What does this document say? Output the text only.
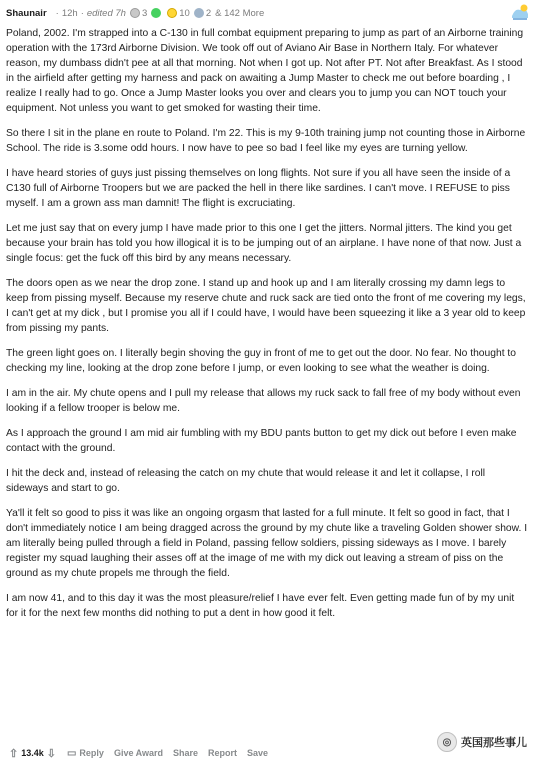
Shaunair · 12h · edited 7h 3	10 2 & 142 More

Poland, 2002. I'm strapped into a C-130 in full combat equipment preparing to jump as part of an Airborne training operation with the 173rd Airborne Division. We took off out of Aviano Air Base in Northern Italy. For whatever reason, my dumbass didn't pee at all that morning. Not when I got up. Not after PT. Not after Breakfast. As I stood in the airfield after getting my harness and pack on awaiting a Jump Master to check me out before boarding , I realize I really had to go. Once a Jump Master looks you over and clears you to jump you can NOT touch your equipment. Not unless you want to get smoked for wasting their time.

So there I sit in the plane en route to Poland. I'm 22. This is my 9-10th training jump not counting those in Airborne School. The ride is 3.some odd hours. I now have to pee so bad I feel like my eyes are turning yellow.

I have heard stories of guys just pissing themselves on long flights. Not sure if you all have seen the inside of a C130 full of Airborne Troopers but we are packed the hell in there like sardines. I can't move. I REFUSE to piss myself. I am a grown ass man damnit! The flight is excruciating.

Let me just say that on every jump I have made prior to this one I get the jitters. Normal jitters. The kind you get because your brain has told you how illogical it is to be jumping out of an airplane. I have none of that now. Just a single focus: get the fuck off this bird by any means necessary.

The doors open as we near the drop zone. I stand up and hook up and I am literally crossing my damn legs to keep from pissing myself. Because my reserve chute and ruck sack are tied onto the front of me covering my legs, I can't get at my dick , but I promise you all if I could have, I would have been squeezing it like a 3 year old to keep from pissing my pants.

The green light goes on. I literally begin shoving the guy in front of me to get out the door. No fear. No thought to checking my line, looking at the drop zone before I jump, or even looking to see what the weather is doing.

I am in the air. My chute opens and I pull my release that allows my ruck sack to fall free of my body without even looking if a fellow trooper is below me.

As I approach the ground I am mid air fumbling with my BDU pants button to get my dick out before I even make contact with the ground.

I hit the deck and, instead of releasing the catch on my chute that would release it and let it collapse, I roll sideways and start to go.

Ya'll it felt so good to piss it was like an ongoing orgasm that lasted for a full minute. It felt so good in fact, that I don't immediately notice I am being dragged across the ground by my chute like a traveling Golden shower show. I am literally being pulled through a field in Poland, passing fellow soldiers, pissing sideways as I move. I barely register my squad laughing their asses off at the image of me with my dick out leaving a stream of piss on the ground as my chute propels me through the field.

I am now 41, and to this day it was the most pleasure/relief I have ever felt. Even getting made fun of by my unit for it for the next few months did nothing to put a dent in how good it felt.

⇧ 13.4k ⇩ ▭ Reply Give Award Share Report Save
◎ 英国那些事儿
